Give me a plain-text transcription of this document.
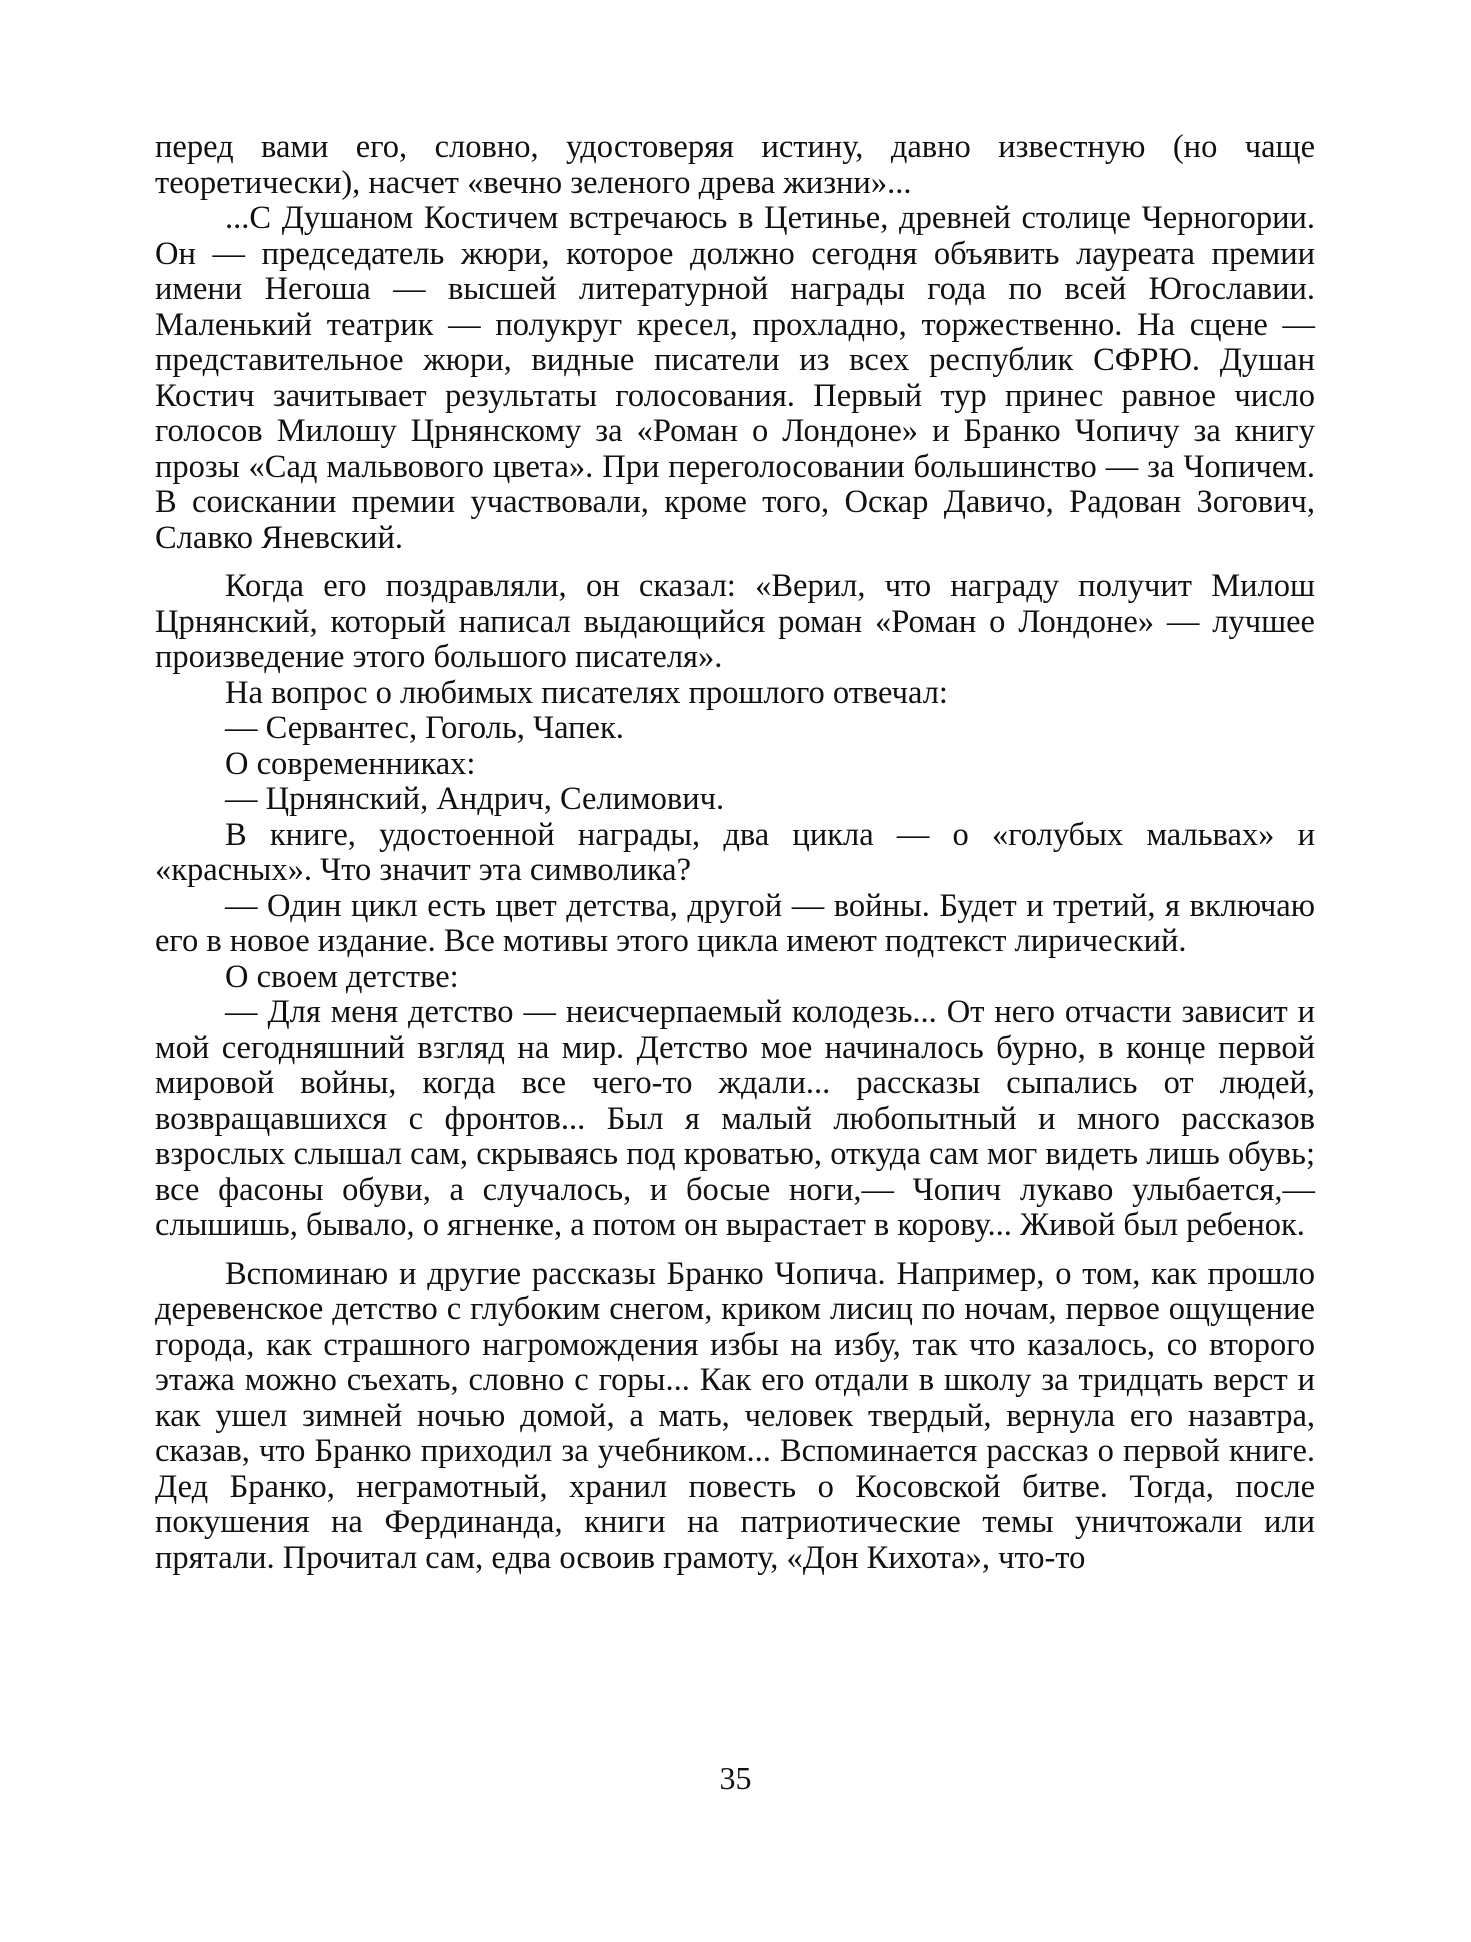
перед вами его, словно, удостоверяя истину, давно известную (но чаще теоретически), насчет «вечно зеленого древа жизни»...

...С Душаном Костичем встречаюсь в Цетинье, древней столице Черногории. Он — председатель жюри, которое должно сегодня объявить лауреата премии имени Негоша — высшей литературной награды года по всей Югославии. Маленький театрик — полукруг кресел, прохладно, торжественно. На сцене — представительное жюри, видные писатели из всех республик СФРЮ. Душан Костич зачитывает результаты голосования. Первый тур принес равное число голосов Милошу Црнянскому за «Роман о Лондоне» и Бранко Чопичу за книгу прозы «Сад мальвового цвета». При переголосовании большинство — за Чопичем. В соискании премии участвовали, кроме того, Оскар Давичо, Радован Зогович, Славко Яневский.

Когда его поздравляли, он сказал: «Верил, что награду получит Милош Црнянский, который написал выдающийся роман «Роман о Лондоне» — лучшее произведение этого большого писателя».

На вопрос о любимых писателях прошлого отвечал:

— Сервантес, Гоголь, Чапек.

О современниках:

— Црнянский, Андрич, Селимович.

В книге, удостоенной награды, два цикла — о «голубых мальвах» и «красных». Что значит эта символика?

— Один цикл есть цвет детства, другой — войны. Будет и третий, я включаю его в новое издание. Все мотивы этого цикла имеют подтекст лирический.

О своем детстве:

— Для меня детство — неисчерпаемый колодезь... От него отчасти зависит и мой сегодняшний взгляд на мир. Детство мое начиналось бурно, в конце первой мировой войны, когда все чего-то ждали... рассказы сыпались от людей, возвращавшихся с фронтов... Был я малый любопытный и много рассказов взрослых слышал сам, скрываясь под кроватью, откуда сам мог видеть лишь обувь; все фасоны обуви, а случалось, и босые ноги,— Чопич лукаво улыбается,— слышишь, бывало, о ягненке, а потом он вырастает в корову... Живой был ребенок.

Вспоминаю и другие рассказы Бранко Чопича. Например, о том, как прошло деревенское детство с глубоким снегом, криком лисиц по ночам, первое ощущение города, как страшного нагромождения избы на избу, так что казалось, со второго этажа можно съехать, словно с горы... Как его отдали в школу за тридцать верст и как ушел зимней ночью домой, а мать, человек твердый, вернула его назавтра, сказав, что Бранко приходил за учебником... Вспоминается рассказ о первой книге. Дед Бранко, неграмотный, хранил повесть о Косовской битве. Тогда, после покушения на Фердинанда, книги на патриотические темы уничтожали или прятали. Прочитал сам, едва освоив грамоту, «Дон Кихота», что-то

35
